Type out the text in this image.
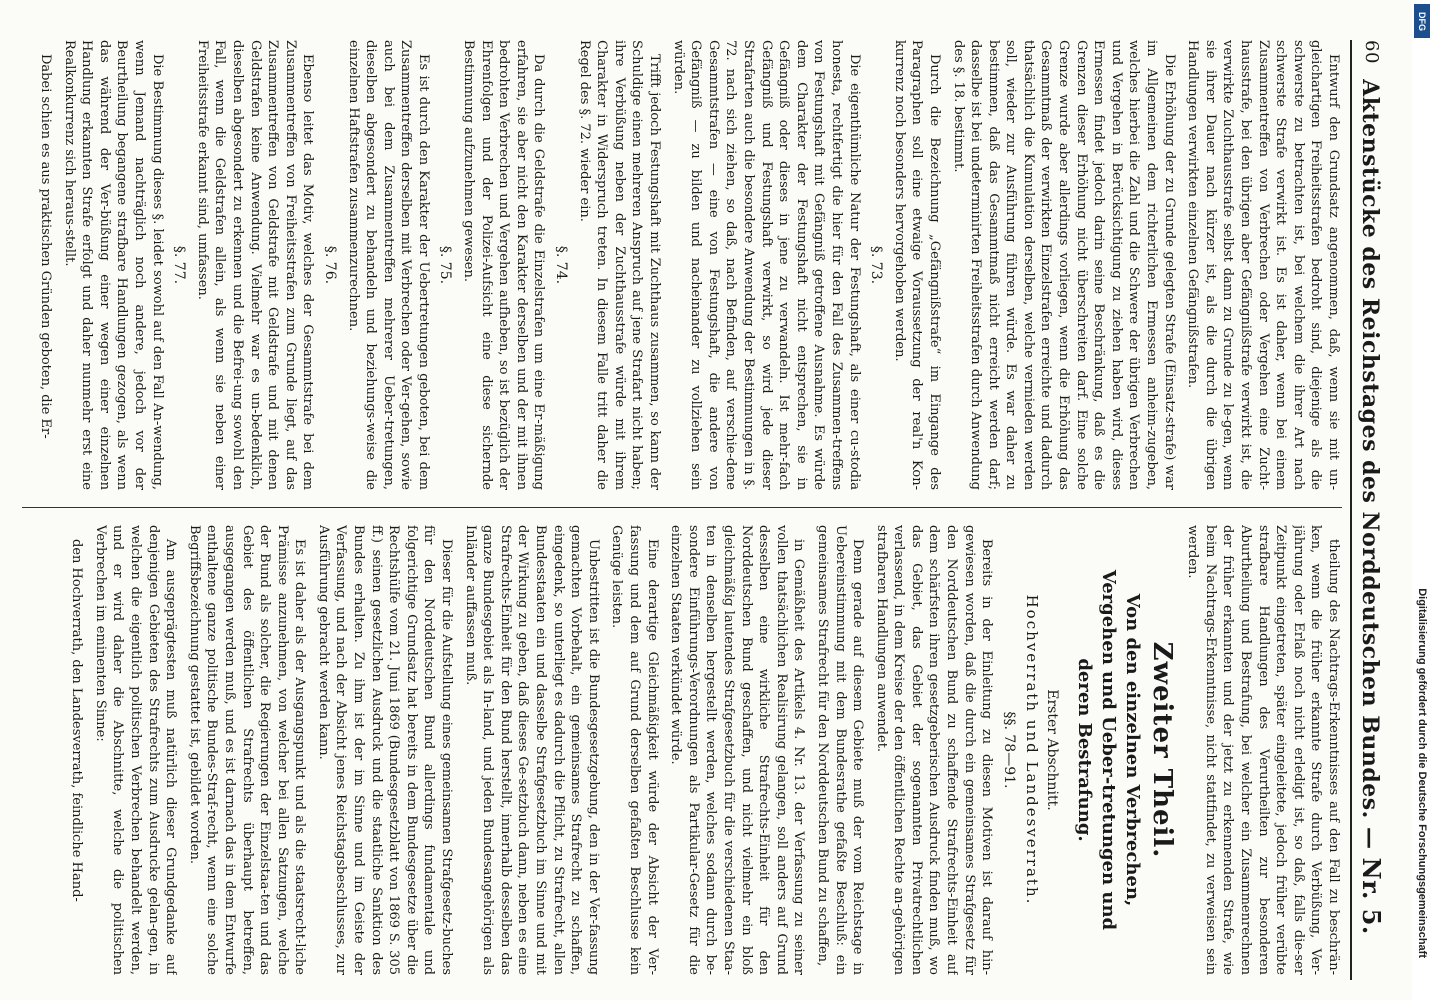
60
Aktenstücke des Reichstages des Norddeutschen Bundes. — Nr. 5.

Entwurf den Grundsatz angenommen, daß, wenn sie mit un-gleichartigen Freiheitsstrafen bedroht sind, diejenige als die schwerste zu betrachten ist, bei welchem die ihrer Art nach schwerste Strafe verwirkt ist. Es ist daher, wenn bei einem Zusammentreffen von Verbrechen oder Vergehen eine Zucht-hausstrafe, bei den übrigen aber Gefängnißstrafe verwirkt ist, die verwirkte Zuchthausstrafe selbst dann zu Grunde zu le-gen, wenn sie ihrer Dauer nach kürzer ist, als die durch die übrigen Handlungen verwirkten einzelnen Gefängnißstrafen.

Die Erhöhung der zu Grunde gelegten Strafe (Einsatz-strafe) war im Allgemeinen dem richterlichen Ermessen anheim-zugeben, welches hierbei die Zahl und die Schwere der übrigen Verbrechen und Vergehen in Berücksichtigung zu ziehen haben wird, dieses Ermessen findet jedoch darin seine Beschränkung, daß es die Grenzen dieser Erhöhung nicht überschreiten darf. Eine solche Grenze wurde aber allerdings vorliegen, wenn die Erhöhung das Gesammtmaß der verwirkten Einzelstrafen erreichte und dadurch thatsächlich die Kumulation derselben, welche vermieden werden soll, wieder zur Ausführung führen würde. Es war daher zu bestimmen, daß das Gesammtmaß nicht erreicht werden darf; dasselbe ist bei undeterminirten Freiheitsstrafen durch Anwendung des §. 18. bestimmt.

Durch die Bezeichnung „Gefängnißstrafe“ im Eingange des Paragraphen soll eine etwaige Voraussetzung der real'n Kon-kurrenz noch besonders hervorgehoben werden.

§. 73.

Die eigenthümliche Natur der Festungshaft, als einer cu-stodia honesta, rechtfertigt die hier für den Fall des Zusammen-treffens von Festungshaft mit Gefängniß getroffene Ausnahme. Es würde dem Charakter der Festungshaft nicht entsprechen, sie in Gefängniß oder dieses in jene zu verwandeln. Ist mehr-fach Gefängniß und Festungshaft verwirkt, so wird jede dieser Strafarten auch die besondere Anwendung der Bestimmungen in §. 72. nach sich ziehen, so daß, nach Befinden, auf verschie-dene Gesammtstrafen — eine von Festungshaft, die andere von Gefängniß — zu bilden und nacheinander zu vollziehen sein würden.

Trifft jedoch Festungshaft mit Zuchthaus zusammen, so kann der Schuldige einen mehreren Anspruch auf jene Strafart nicht haben; ihre Verbüßung neben der Zuchthausstrafe würde mit ihrem Charakter in Widerspruch treten. In diesem Falle tritt daher die Regel des §. 72. wieder ein.

§. 74.

Da durch die Geldstrafe die Einzelstrafen um eine Er-mäßigung erfahren, sie aber nicht den Karakter derselben und der mit ihnen bedrohten Verbrechen und Vergehen aufheben, so ist bezüglich der Ehrenfolgen und der Polizei-Aufsicht eine diese sichernde Bestimmung aufzunehmen gewesen.

§. 75.

Es ist durch den Karakter der Uebertretungen geboten, bei dem Zusammentreffen derselben mit Verbrechen oder Ver-gehen, sowie auch bei dem Zusammentreffen mehrerer Ueber-tretungen, dieselben abgesondert zu behandeln und beziehungs-weise die einzelnen Haftstrafen zusammenzurechnen.

§. 76.

Ebenso leitet das Motiv, welches der Gesammtstrafe bei dem Zusammentreffen von Freiheitsstrafen zum Grunde liegt, auf das Zusammentreffen von Geldstrafe mit Geldstrafe und mit denen Geldstrafen keine Anwendung. Vielmehr war es un-bedenklich, dieselben abgesondert zu erkennen und die Befrei-ung sowohl den Fall, wenn die Geldstrafen allein, als wenn sie neben einer Freiheitsstrafe erkannt sind, umfassen.

§. 77.

Die Bestimmung dieses §. leidet sowohl auf den Fall An-wendung, wenn Jemand nachträglich noch andere, jedoch vor der Beurtheilung begangene strafbare Handlungen gezogen, als wenn das während der Ver-büßung einer wegen einer einzelnen Handlung erkannten Strafe erfolgt und daher nunmehr erst eine Realkonkurrenz sich heraus-stellt.

Dabei schien es aus praktischen Gründen geboten, die Er-

theilung des Nachtrags-Erkenntnisses auf den Fall zu beschrän-ken, wenn die früher erkannte Strafe durch Verbüßung, Ver-jährung oder Erlaß noch nicht erledigt ist, so daß, falls die-ser Zeitpunkt eingetreten, später eingeleitete, jedoch früher verübte strafbare Handlungen des Verurtheilten zur besonderen Aburtheilung und Bestrafung, bei welcher ein Zusammenrechnen der früher erkannten und der jetzt zu erkennenden Strafe, wie beim Nachtrags-Erkenntnisse, nicht stattfindet, zu verweisen sein werden.

Zweiter Theil.
Von den einzelnen Verbrechen, Vergehen und Ueber-tretungen und deren Bestrafung.
Erster Abschnitt.
Hochverrath und Landesverrath.
§§. 78—91.

Bereits in der Einleitung zu diesen Motiven ist darauf hin-gewiesen worden, daß die durch ein gemeinsames Strafgesetz für den Norddeutschen Bund zu schaffende Strafrechts-Einheit auf dem schärfsten ihren gesetzgeberischen Ausdruck finden muß, wo das Gebiet, das Gebiet der sogenannten Privatrechtlichen verlassend, in dem Kreise der den öffentlichen Rechte an-gehörigen strafbaren Handlungen anwendet.

Denn gerade auf diesem Gebiete muß der vom Reichstage in Uebereinstimmung mit dem Bundesrathe gefaßte Beschluß: ein gemeinsames Strafrecht für den Norddeutschen Bund zu schaffen,

in Gemäßheit des Artikels 4. Nr. 13. der Verfassung zu seiner vollen thatsächlichen Realisirung gelangen, soll anders auf Grund desselben eine wirkliche Strafrechts-Einheit für den Norddeutschen Bund geschaffen, und nicht vielmehr ein bloß gleichmäßig lautendes Strafgesetzbuch für die verschiedenen Staa-ten in denselben hergestellt werden, welches sodann durch be-sondere Einführungs-Verordnungen als Partikular-Gesetz für die einzelnen Staaten verkündet würde.

Eine derartige Gleichmäßigkeit würde der Absicht der Ver-fassung und dem auf Grund derselben gefaßten Beschlusse kein Genüge leisten.

Unbestritten ist die Bundesgesetzgebung, den in der Ver-fassung gemachten Vorbehalt, ein gemeinsames Strafrecht zu schaffen, eingedenk, so unterliegt es dadurch die Pflicht, zu Strafrecht, allen Bundesstaaten ein und dasselbe Strafgesetzbuch im Sinne und mit der Wirkung zu geben, daß dieses Ge-setzbuch dann, neben es eine Strafrechts-Einheit für den Bund herstellt, innerhalb desselben das ganze Bundesgebiet als In-land, und jeden Bundesangehörigen als Inländer auffassen muß.

Dieser für die Aufstellung eines gemeinsamen Strafgesetz-buches für den Norddeutschen Bund allerdings fundamentale und folgerichtige Grundsatz hat bereits in dem Bundesgesetze über die Rechtshülfe vom 21. Juni 1869 (Bundesgesetzblatt von 1869 S. 305 ff.) seinen gesetzlichen Ausdruck und die staatliche Sanktion des Bundes erhalten. Zu ihm ist der im Sinne und im Geiste der Verfassung, und nach der Absicht jenes Reichstagsbeschlusses, zur Ausführung gebracht werden kann.

Es ist daher als der Ausgangspunkt und als die staatsrecht-liche Prämisse anzunehmen, von welcher bei allen Satzungen, welche der Bund als solcher, die Regierungen der Einzelstaa-ten und das Gebiet des öffentlichen Strafrechts überhaupt betreffen, ausgegangen werden muß, und es ist darnach das in dem Entwurfe enthaltene ganze politische Bundes-Straf-recht, wenn eine solche Begriffsbezeichnung gestattet ist, gebildet worden.

Am ausgeprägtesten muß natürlich dieser Grundgedanke auf denjenigen Gebieten des Strafrechts zum Ausdrucke gelan-gen, in welchen die eigentlich politischen Verbrechen behandelt werden, und er wird daher die Abschnitte, welche die politischen Verbrechen im eminenten Sinne:

den Hochverrath, den Landesverrath, feindliche Hand-

DFG
Digitalisierung gefördert durch die Deutsche Forschungsgemeinschaft
